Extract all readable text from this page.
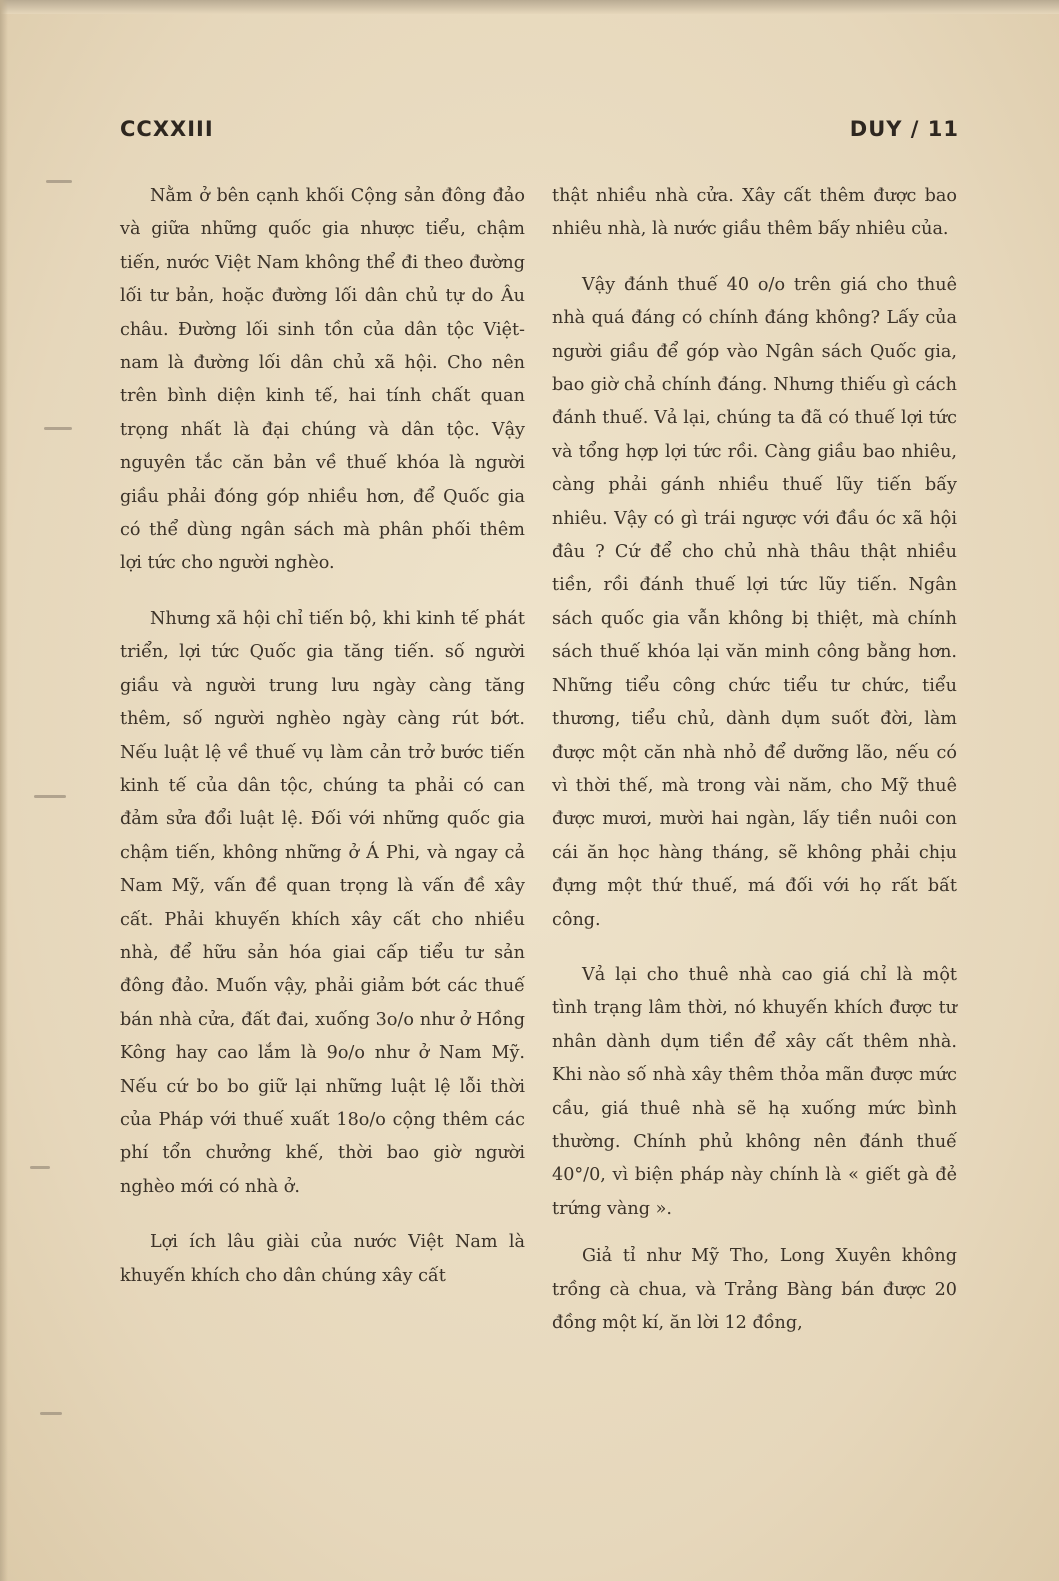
CCXXIII	DUY / 11

Nằm ở bên cạnh khối Cộng sản đông đảo và giữa những quốc gia nhược tiểu, chậm tiến, nước Việt Nam không thể đi theo đường lối tư bản, hoặc đường lối dân chủ tự do Âu châu. Đường lối sinh tồn của dân tộc Việt-nam là đường lối dân chủ xã hội. Cho nên trên bình diện kinh tế, hai tính chất quan trọng nhất là đại chúng và dân tộc. Vậy nguyên tắc căn bản về thuế khóa là người giầu phải đóng góp nhiều hơn, để Quốc gia có thể dùng ngân sách mà phân phối thêm lợi tức cho người nghèo.

Nhưng xã hội chỉ tiến bộ, khi kinh tế phát triển, lợi tức Quốc gia tăng tiến. số người giầu và người trung lưu ngày càng tăng thêm, số người nghèo ngày càng rút bớt. Nếu luật lệ về thuế vụ làm cản trở bước tiến kinh tế của dân tộc, chúng ta phải có can đảm sửa đổi luật lệ. Đối với những quốc gia chậm tiến, không những ở Á Phi, và ngay cả Nam Mỹ, vấn đề quan trọng là vấn đề xây cất. Phải khuyến khích xây cất cho nhiều nhà, để hữu sản hóa giai cấp tiểu tư sản đông đảo. Muốn vậy, phải giảm bớt các thuế bán nhà cửa, đất đai, xuống 3o/o như ở Hồng Kông hay cao lắm là 9o/o như ở Nam Mỹ. Nếu cứ bo bo giữ lại những luật lệ lỗi thời của Pháp với thuế xuất 18o/o cộng thêm các phí tổn chưởng khế, thời bao giờ người nghèo mới có nhà ở.

Lợi ích lâu giài của nước Việt Nam là khuyến khích cho dân chúng xây cất

thật nhiều nhà cửa. Xây cất thêm được bao nhiêu nhà, là nước giầu thêm bấy nhiêu của.

Vậy đánh thuế 40 o/o trên giá cho thuê nhà quá đáng có chính đáng không? Lấy của người giầu để góp vào Ngân sách Quốc gia, bao giờ chả chính đáng. Nhưng thiếu gì cách đánh thuế. Vả lại, chúng ta đã có thuế lợi tức và tổng hợp lợi tức rồi. Càng giầu bao nhiêu, càng phải gánh nhiều thuế lũy tiến bấy nhiêu. Vậy có gì trái ngược với đầu óc xã hội đâu ? Cứ để cho chủ nhà thâu thật nhiều tiền, rồi đánh thuế lợi tức lũy tiến. Ngân sách quốc gia vẫn không bị thiệt, mà chính sách thuế khóa lại văn minh công bằng hơn. Những tiểu công chức tiểu tư chức, tiểu thương, tiểu chủ, dành dụm suốt đời, làm được một căn nhà nhỏ để dưỡng lão, nếu có vì thời thế, mà trong vài năm, cho Mỹ thuê được mươi, mười hai ngàn, lấy tiền nuôi con cái ăn học hàng tháng, sẽ không phải chịu đựng một thứ thuế, má đối với họ rất bất công.

Vả lại cho thuê nhà cao giá chỉ là một tình trạng lâm thời, nó khuyến khích được tư nhân dành dụm tiền để xây cất thêm nhà. Khi nào số nhà xây thêm thỏa mãn được mức cầu, giá thuê nhà sẽ hạ xuống mức bình thường. Chính phủ không nên đánh thuế 40°/0, vì biện pháp này chính là « giết gà đẻ trứng vàng ».

Giả tỉ như Mỹ Tho, Long Xuyên không trồng cà chua, và Trảng Bàng bán được 20 đồng một kí, ăn lời 12 đồng,
